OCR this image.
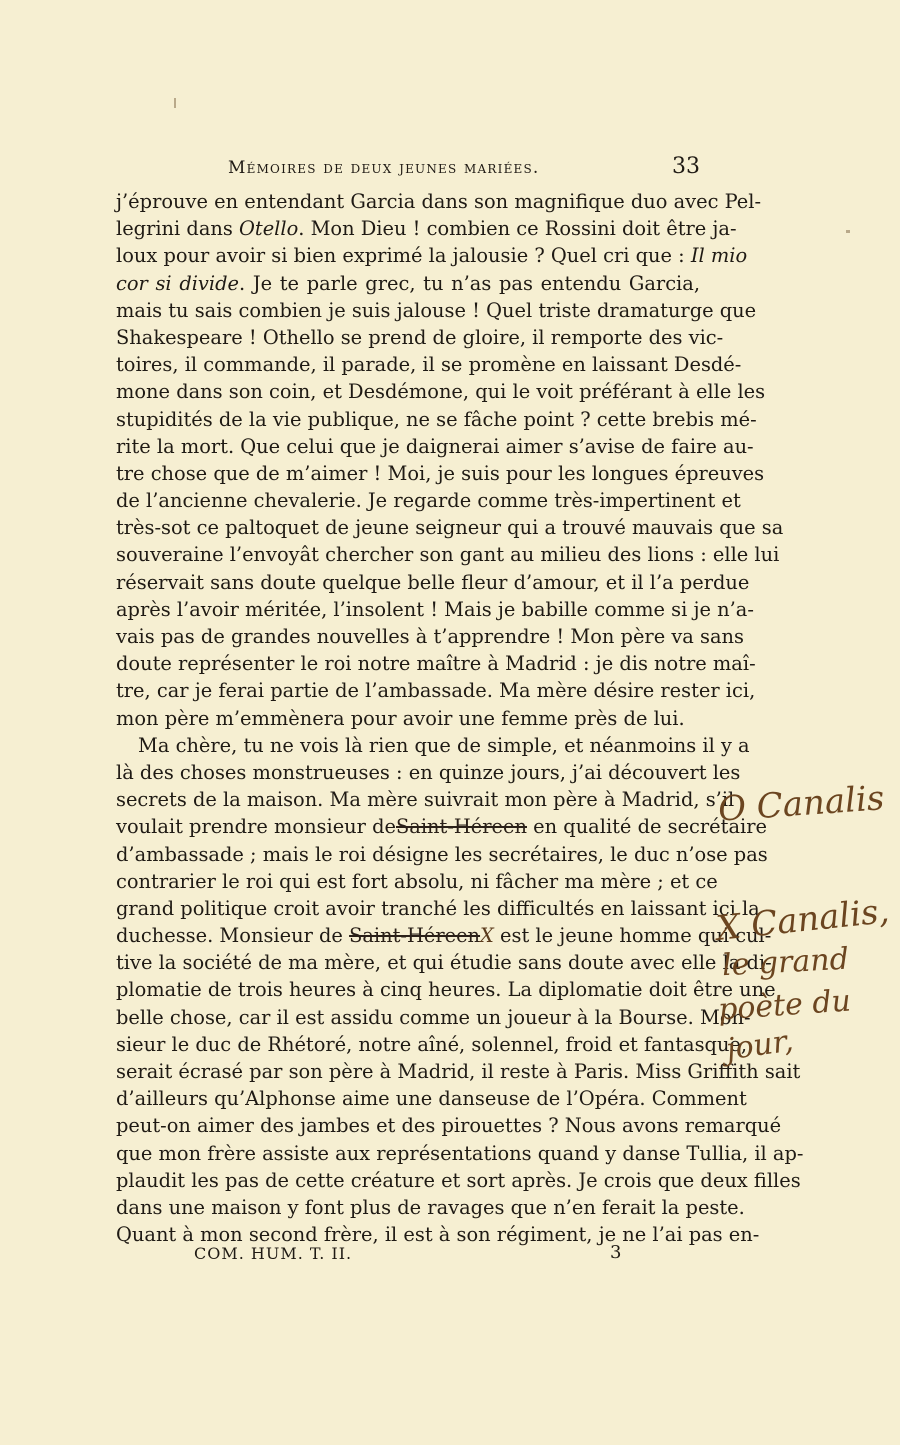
Mémoires de deux jeunes mariées.	33
j’éprouve en entendant Garcia dans son magnifique duo avec Pel-
legrini dans Otello. Mon Dieu ! combien ce Rossini doit être ja-
loux pour avoir si bien exprimé la jalousie ? Quel cri que : Il mio
cor si divide. Je te parle grec, tu n’as pas entendu Garcia,
mais tu sais combien je suis jalouse ! Quel triste dramaturge que
Shakespeare ! Othello se prend de gloire, il remporte des vic-
toires, il commande, il parade, il se promène en laissant Desdé-
mone dans son coin, et Desdémone, qui le voit préférant à elle les
stupidités de la vie publique, ne se fâche point ? cette brebis mé-
rite la mort. Que celui que je daignerai aimer s’avise de faire au-
tre chose que de m’aimer ! Moi, je suis pour les longues épreuves
de l’ancienne chevalerie. Je regarde comme très-impertinent et
très-sot ce paltoquet de jeune seigneur qui a trouvé mauvais que sa
souveraine l’envoyât chercher son gant au milieu des lions : elle lui
réservait sans doute quelque belle fleur d’amour, et il l’a perdue
après l’avoir méritée, l’insolent ! Mais je babille comme si je n’a-
vais pas de grandes nouvelles à t’apprendre ! Mon père va sans
doute représenter le roi notre maître à Madrid : je dis notre maî-
tre, car je ferai partie de l’ambassade. Ma mère désire rester ici,
mon père m’emmènera pour avoir une femme près de lui.
Ma chère, tu ne vois là rien que de simple, et néanmoins il y a
là des choses monstrueuses : en quinze jours, j’ai découvert les
secrets de la maison. Ma mère suivrait mon père à Madrid, s’il
voulait prendre monsieur deSaint-Héreen en qualité de secrétaire
d’ambassade ; mais le roi désigne les secrétaires, le duc n’ose pas
contrarier le roi qui est fort absolu, ni fâcher ma mère ; et ce
grand politique croit avoir tranché les difficultés en laissant ici la
duchesse. Monsieur de Saint-HéreenX est le jeune homme qui cul-
tive la société de ma mère, et qui étudie sans doute avec elle la di-
plomatie de trois heures à cinq heures. La diplomatie doit être une
belle chose, car il est assidu comme un joueur à la Bourse. Mon-
sieur le duc de Rhétoré, notre aîné, solennel, froid et fantasque,
serait écrasé par son père à Madrid, il reste à Paris. Miss Griffith sait
d’ailleurs qu’Alphonse aime une danseuse de l’Opéra. Comment
peut-on aimer des jambes et des pirouettes ? Nous avons remarqué
que mon frère assiste aux représentations quand y danse Tullia, il ap-
plaudit les pas de cette créature et sort après. Je crois que deux filles
dans une maison y font plus de ravages que n’en ferait la peste.
Quant à mon second frère, il est à son régiment, je ne l’ai pas en-
COM. HUM. T. II.	3
O Canalis
X Canalis,
le grand
poète du
jour,
